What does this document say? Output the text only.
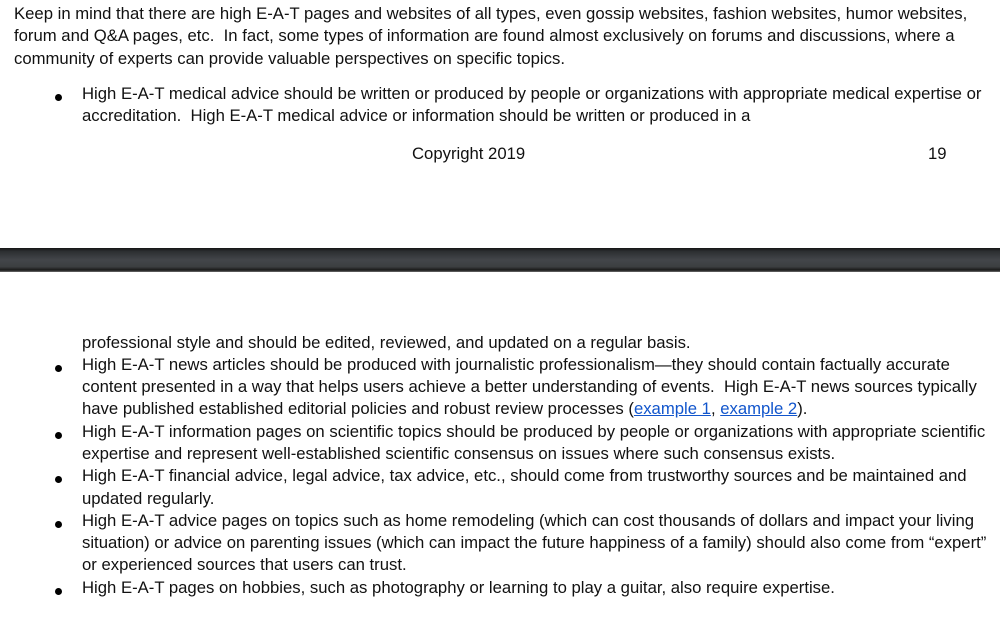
Keep in mind that there are high E-A-T pages and websites of all types, even gossip websites, fashion websites, humor websites, forum and Q&A pages, etc.  In fact, some types of information are found almost exclusively on forums and discussions, where a community of experts can provide valuable perspectives on specific topics.

High E-A-T medical advice should be written or produced by people or organizations with appropriate medical expertise or accreditation.  High E-A-T medical advice or information should be written or produced in a
Copyright 2019	19
professional style and should be edited, reviewed, and updated on a regular basis.
High E-A-T news articles should be produced with journalistic professionalism—they should contain factually accurate content presented in a way that helps users achieve a better understanding of events.  High E-A-T news sources typically have published established editorial policies and robust review processes (example 1, example 2).
High E-A-T information pages on scientific topics should be produced by people or organizations with appropriate scientific expertise and represent well-established scientific consensus on issues where such consensus exists.
High E-A-T financial advice, legal advice, tax advice, etc., should come from trustworthy sources and be maintained and updated regularly.
High E-A-T advice pages on topics such as home remodeling (which can cost thousands of dollars and impact your living situation) or advice on parenting issues (which can impact the future happiness of a family) should also come from “expert” or experienced sources that users can trust.
High E-A-T pages on hobbies, such as photography or learning to play a guitar, also require expertise.
